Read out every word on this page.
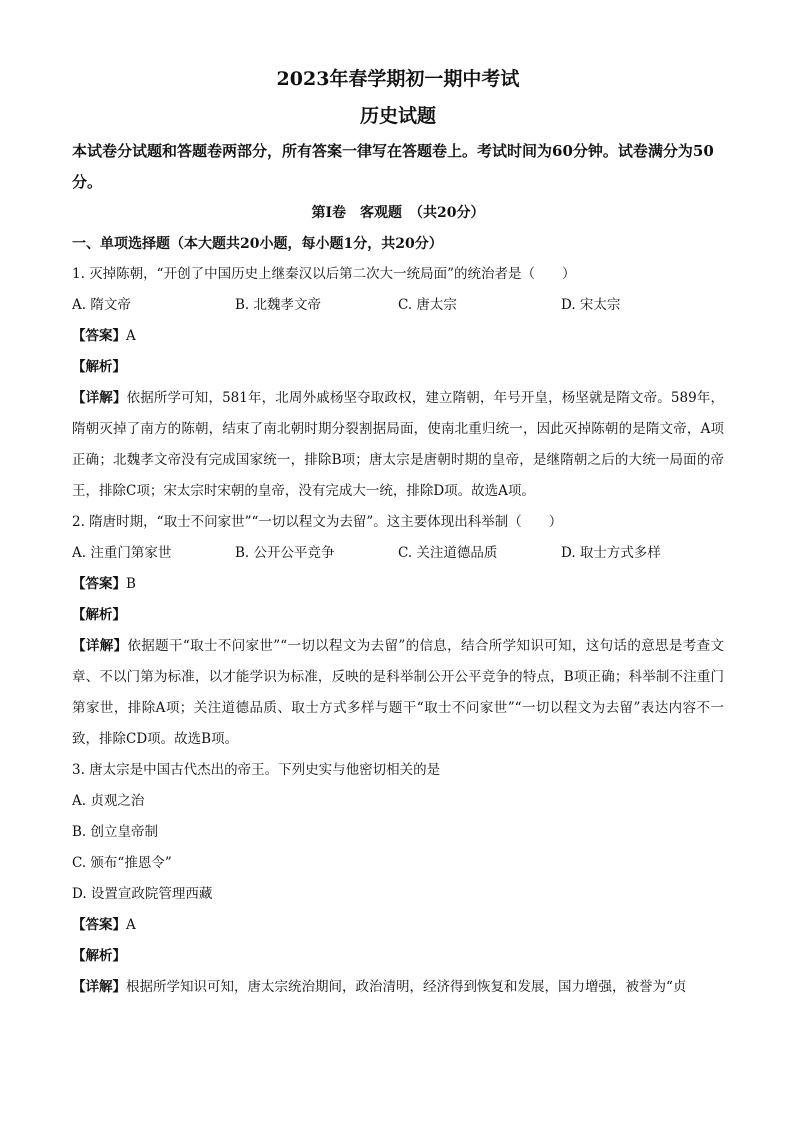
2023年春学期初一期中考试
历史试题
本试卷分试题和答题卷两部分，所有答案一律写在答题卷上。考试时间为60分钟。试卷满分为50分。
第Ⅰ卷　客观题　（共20分）
一、单项选择题（本大题共20小题，每小题1分，共20分）
1. 灭掉陈朝，“开创了中国历史上继秦汉以后第二次大一统局面”的统治者是（　　）
A. 隋文帝	B. 北魏孝文帝	C. 唐太宗	D. 宋太宗
【答案】A
【解析】
【详解】依据所学可知，581年，北周外戚杨坚夺取政权，建立隋朝，年号开皇，杨坚就是隋文帝。589年，隋朝灭掉了南方的陈朝，结束了南北朝时期分裂割据局面，使南北重归统一，因此灭掉陈朝的是隋文帝，A项正确；北魏孝文帝没有完成国家统一，排除B项；唐太宗是唐朝时期的皇帝，是继隋朝之后的大统一局面的帝王，排除C项；宋太宗时宋朝的皇帝，没有完成大一统，排除D项。故选A项。
2. 隋唐时期，“取士不问家世”“一切以程文为去留”。这主要体现出科举制（　　）
A. 注重门第家世	B. 公开公平竞争	C. 关注道德品质	D. 取士方式多样
【答案】B
【解析】
【详解】依据题干“取士不问家世”“一切以程文为去留”的信息，结合所学知识可知，这句话的意思是考查文章、不以门第为标准，以才能学识为标准，反映的是科举制公开公平竞争的特点，B项正确；科举制不注重门第家世，排除A项；关注道德品质、取士方式多样与题干“取士不问家世”“一切以程文为去留”表达内容不一致，排除CD项。故选B项。
3. 唐太宗是中国古代杰出的帝王。下列史实与他密切相关的是
A. 贞观之治
B. 创立皇帝制
C. 颁布“推恩令”
D. 设置宣政院管理西藏
【答案】A
【解析】
【详解】根据所学知识可知，唐太宗统治期间，政治清明，经济得到恢复和发展，国力增强，被誉为“贞
